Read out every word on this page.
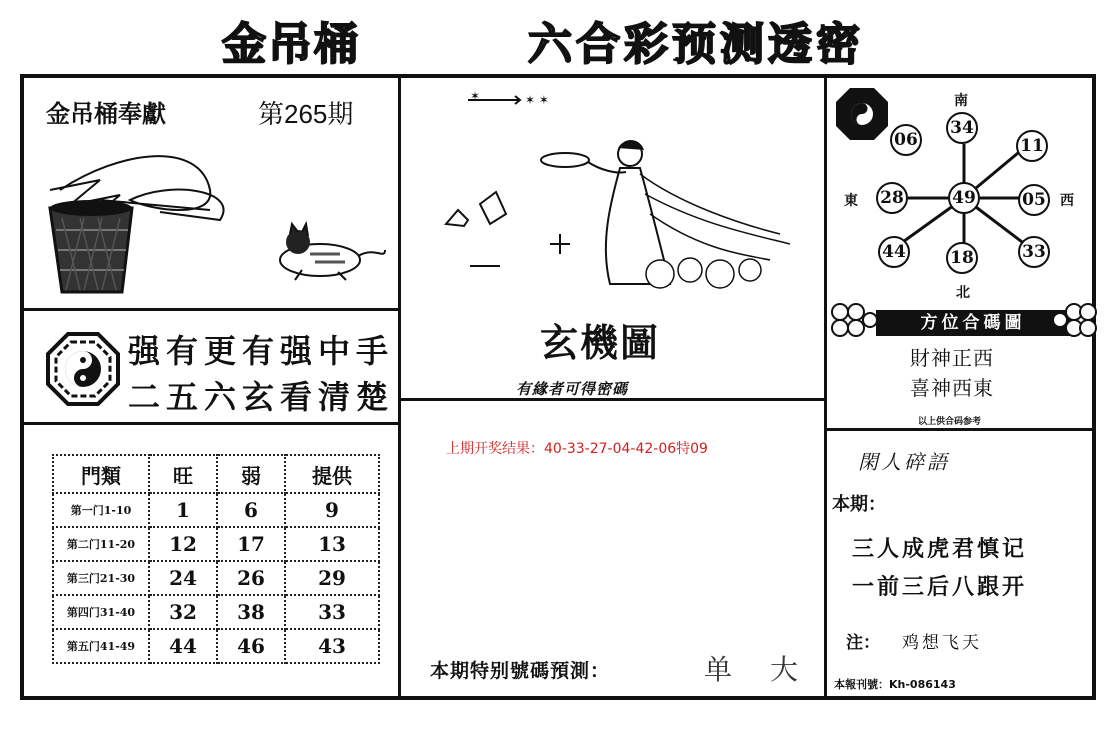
金吊桶	六合彩预测透密
金吊桶奉獻	第265期
强有更有强中手
二五六玄看清楚
門類	旺	弱	提供
第一门1-10	1	6	9
第二门11-20	12	17	13
第三门21-30	24	26	29
第四门31-40	32	38	33
第五门41-49	44	46	43
✶ ✶
✶
玄機圖
有緣者可得密碼
上期开奖结果：40-33-27-04-42-06特09
本期特别號碼預測：	单 大
南
北
東	西
34
06	11
28	49	05
44	18	33
方位合碼圖
財神正西
喜神西東
以上供合码参考
閑人碎語
本期：
三人成虎君慎记
一前三后八跟开
注： 鸡想飞天
本報刊號：Kh-086143
